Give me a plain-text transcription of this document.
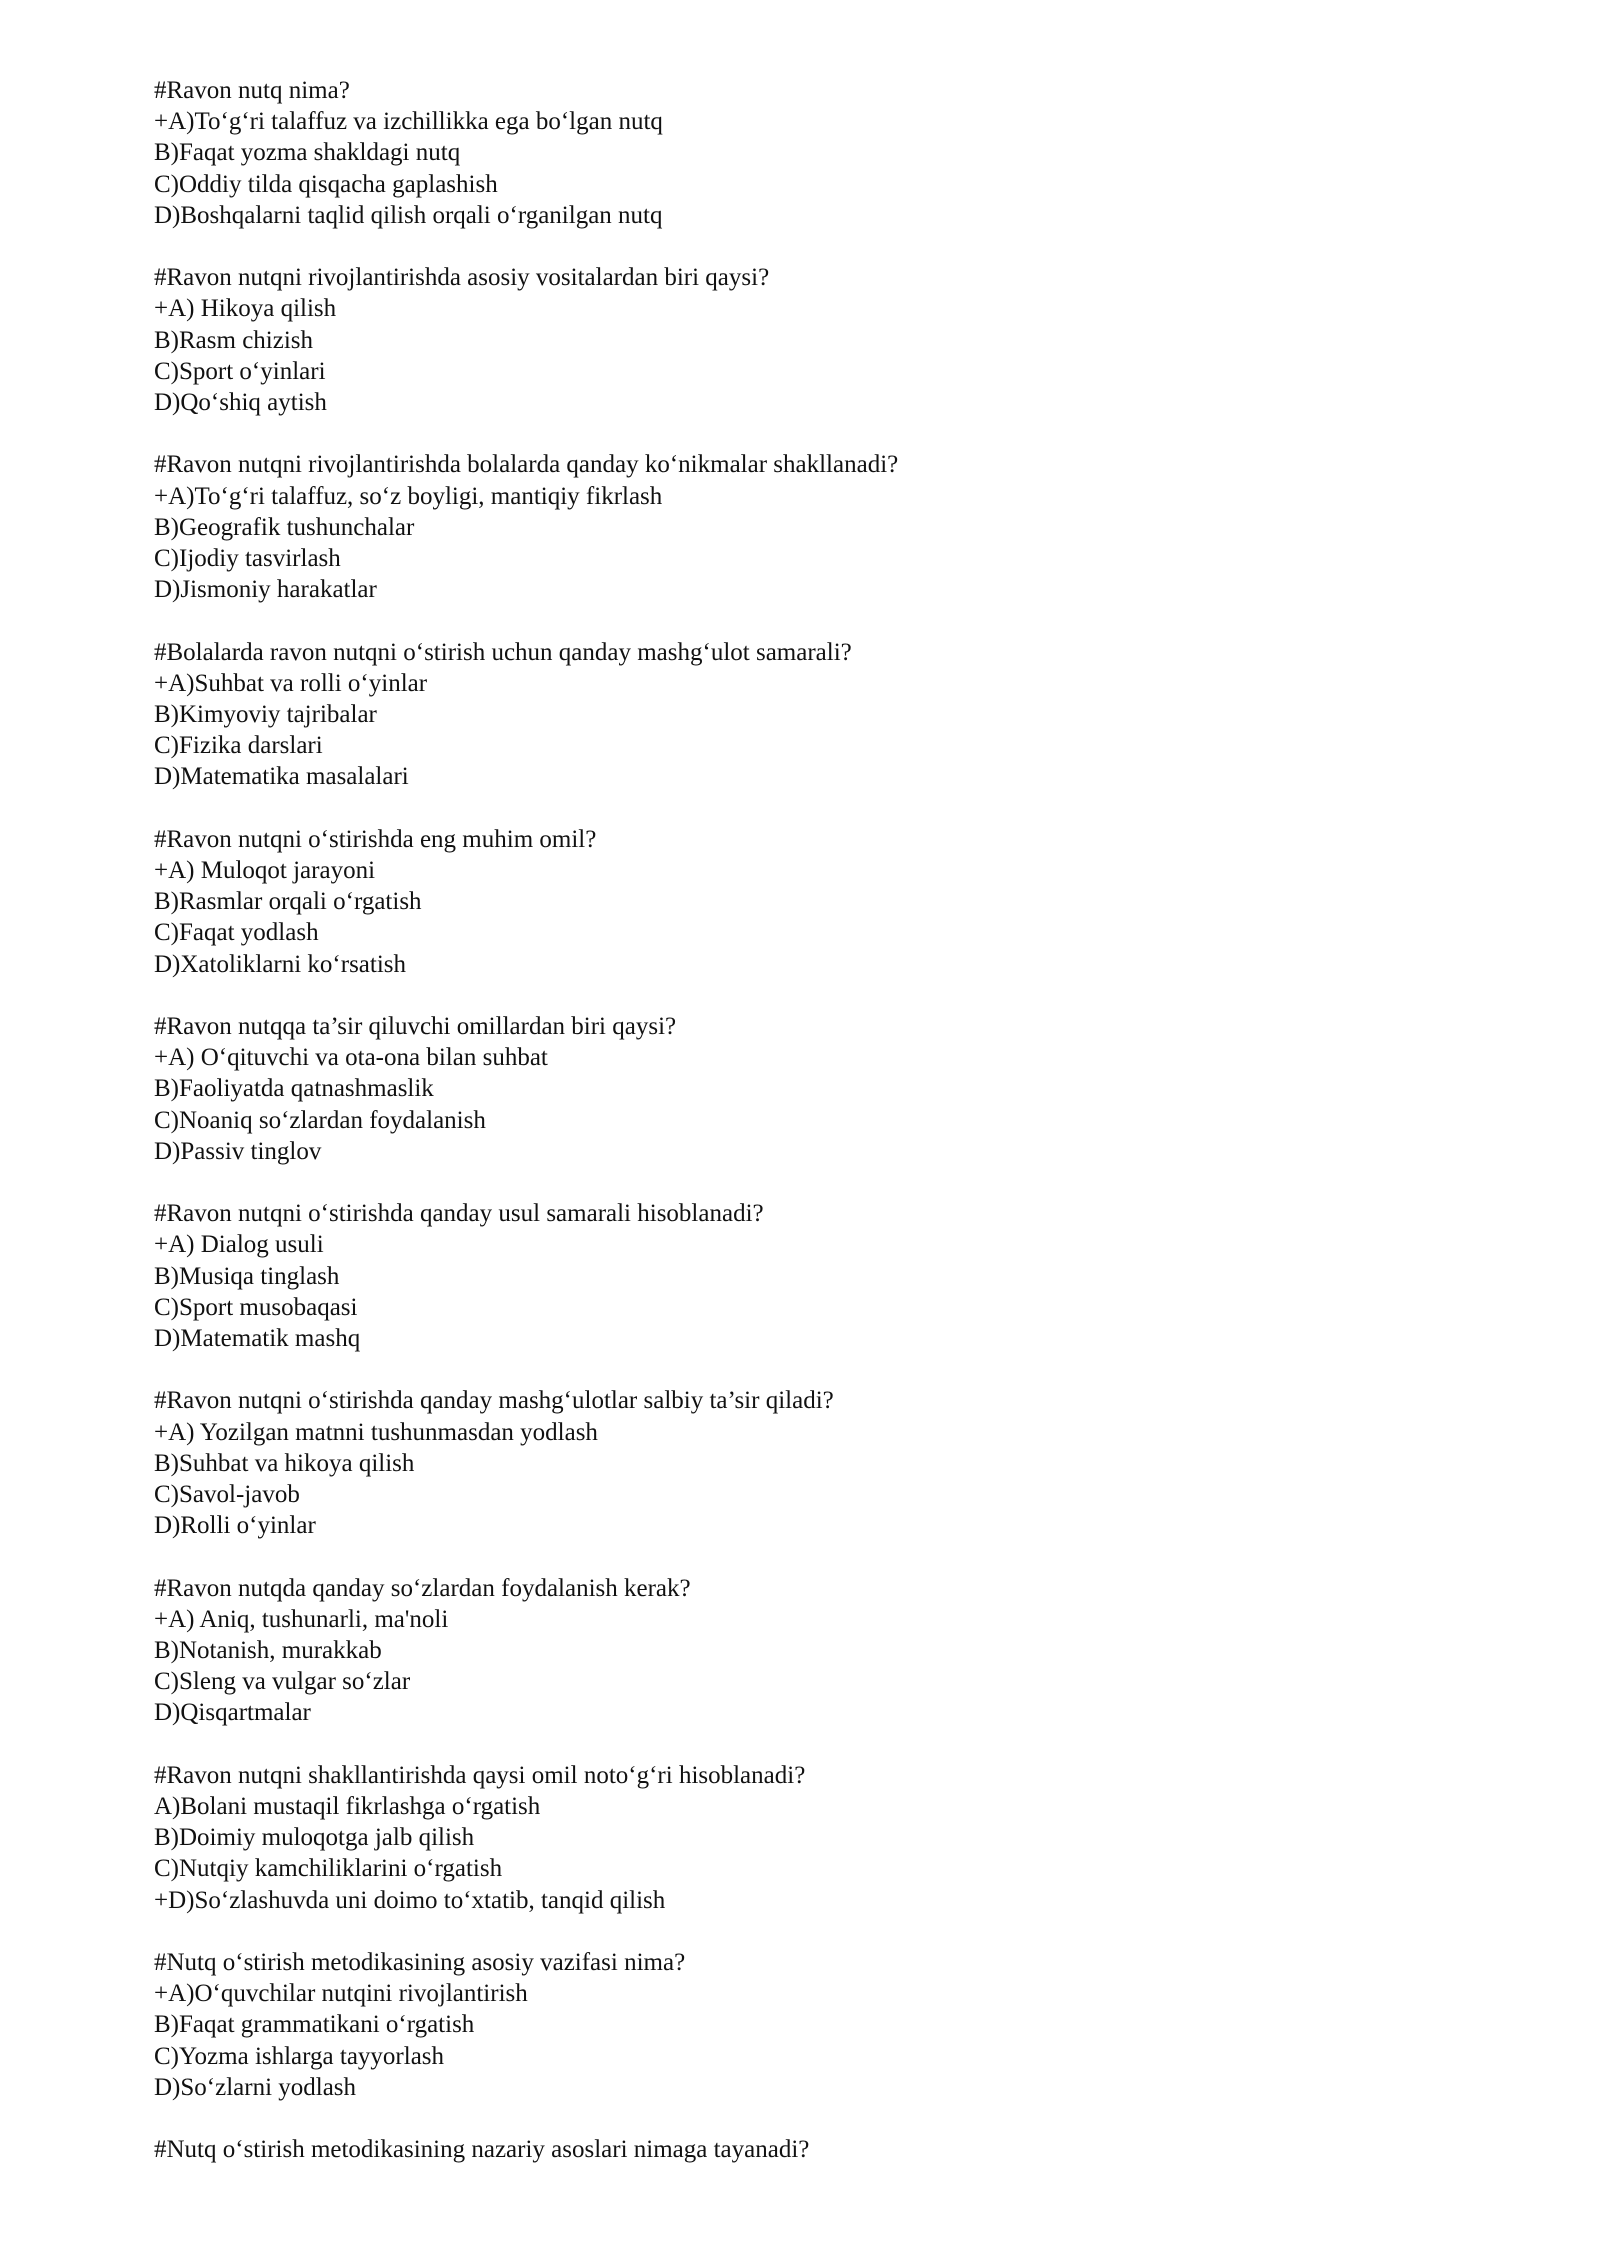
#Ravon nutq nima?
+A)To‘g‘ri talaffuz va izchillikka ega bo‘lgan nutq
B)Faqat yozma shakldagi nutq
C)Oddiy tilda qisqacha gaplashish
D)Boshqalarni taqlid qilish orqali o‘rganilgan nutq
#Ravon nutqni rivojlantirishda asosiy vositalardan biri qaysi?
+A) Hikoya qilish
B)Rasm chizish
C)Sport o‘yinlari
D)Qo‘shiq aytish
#Ravon nutqni rivojlantirishda bolalarda qanday ko‘nikmalar shakllanadi?
+A)To‘g‘ri talaffuz, so‘z boyligi, mantiqiy fikrlash
B)Geografik tushunchalar
C)Ijodiy tasvirlash
D)Jismoniy harakatlar
#Bolalarda ravon nutqni o‘stirish uchun qanday mashg‘ulot samarali?
+A)Suhbat va rolli o‘yinlar
B)Kimyoviy tajribalar
C)Fizika darslari
D)Matematika masalalari
#Ravon nutqni o‘stirishda eng muhim omil?
+A) Muloqot jarayoni
B)Rasmlar orqali o‘rgatish
C)Faqat yodlash
D)Xatoliklarni ko‘rsatish
#Ravon nutqqa ta’sir qiluvchi omillardan biri qaysi?
+A) O‘qituvchi va ota-ona bilan suhbat
B)Faoliyatda qatnashmaslik
C)Noaniq so‘zlardan foydalanish
D)Passiv tinglov
#Ravon nutqni o‘stirishda qanday usul samarali hisoblanadi?
+A) Dialog usuli
B)Musiqa tinglash
C)Sport musobaqasi
D)Matematik mashq
#Ravon nutqni o‘stirishda qanday mashg‘ulotlar salbiy ta’sir qiladi?
+A) Yozilgan matnni tushunmasdan yodlash
B)Suhbat va hikoya qilish
C)Savol-javob
D)Rolli o‘yinlar
#Ravon nutqda qanday so‘zlardan foydalanish kerak?
+A) Aniq, tushunarli, ma'noli
B)Notanish, murakkab
C)Sleng va vulgar so‘zlar
D)Qisqartmalar
#Ravon nutqni shakllantirishda qaysi omil noto‘g‘ri hisoblanadi?
A)Bolani mustaqil fikrlashga o‘rgatish
B)Doimiy muloqotga jalb qilish
C)Nutqiy kamchiliklarini o‘rgatish
+D)So‘zlashuvda uni doimo to‘xtatib, tanqid qilish
#Nutq o‘stirish metodikasining asosiy vazifasi nima?
+A)O‘quvchilar nutqini rivojlantirish
B)Faqat grammatikani o‘rgatish
C)Yozma ishlarga tayyorlash
D)So‘zlarni yodlash
#Nutq o‘stirish metodikasining nazariy asoslari nimaga tayanadi?
